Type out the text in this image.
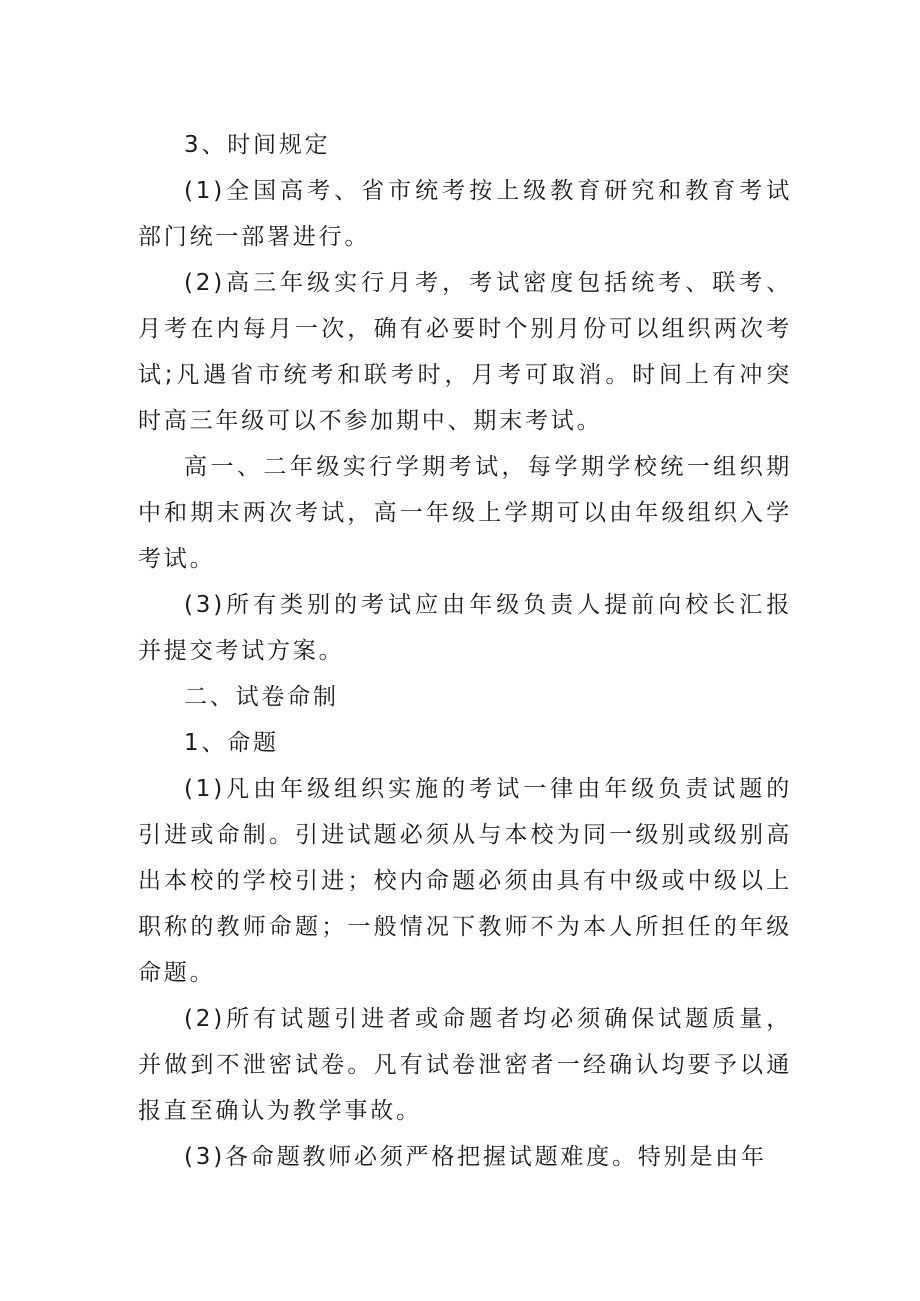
3、时间规定

(1)全国高考、省市统考按上级教育研究和教育考试部门统一部署进行。

(2)高三年级实行月考，考试密度包括统考、联考、月考在内每月一次，确有必要时个别月份可以组织两次考试;凡遇省市统考和联考时，月考可取消。时间上有冲突时高三年级可以不参加期中、期末考试。

高一、二年级实行学期考试，每学期学校统一组织期中和期末两次考试，高一年级上学期可以由年级组织入学考试。

(3)所有类别的考试应由年级负责人提前向校长汇报并提交考试方案。

二、试卷命制

1、命题

(1)凡由年级组织实施的考试一律由年级负责试题的引进或命制。引进试题必须从与本校为同一级别或级别高出本校的学校引进；校内命题必须由具有中级或中级以上职称的教师命题；一般情况下教师不为本人所担任的年级命题。

(2)所有试题引进者或命题者均必须确保试题质量，并做到不泄密试卷。凡有试卷泄密者一经确认均要予以通报直至确认为教学事故。

(3)各命题教师必须严格把握试题难度。特别是由年
